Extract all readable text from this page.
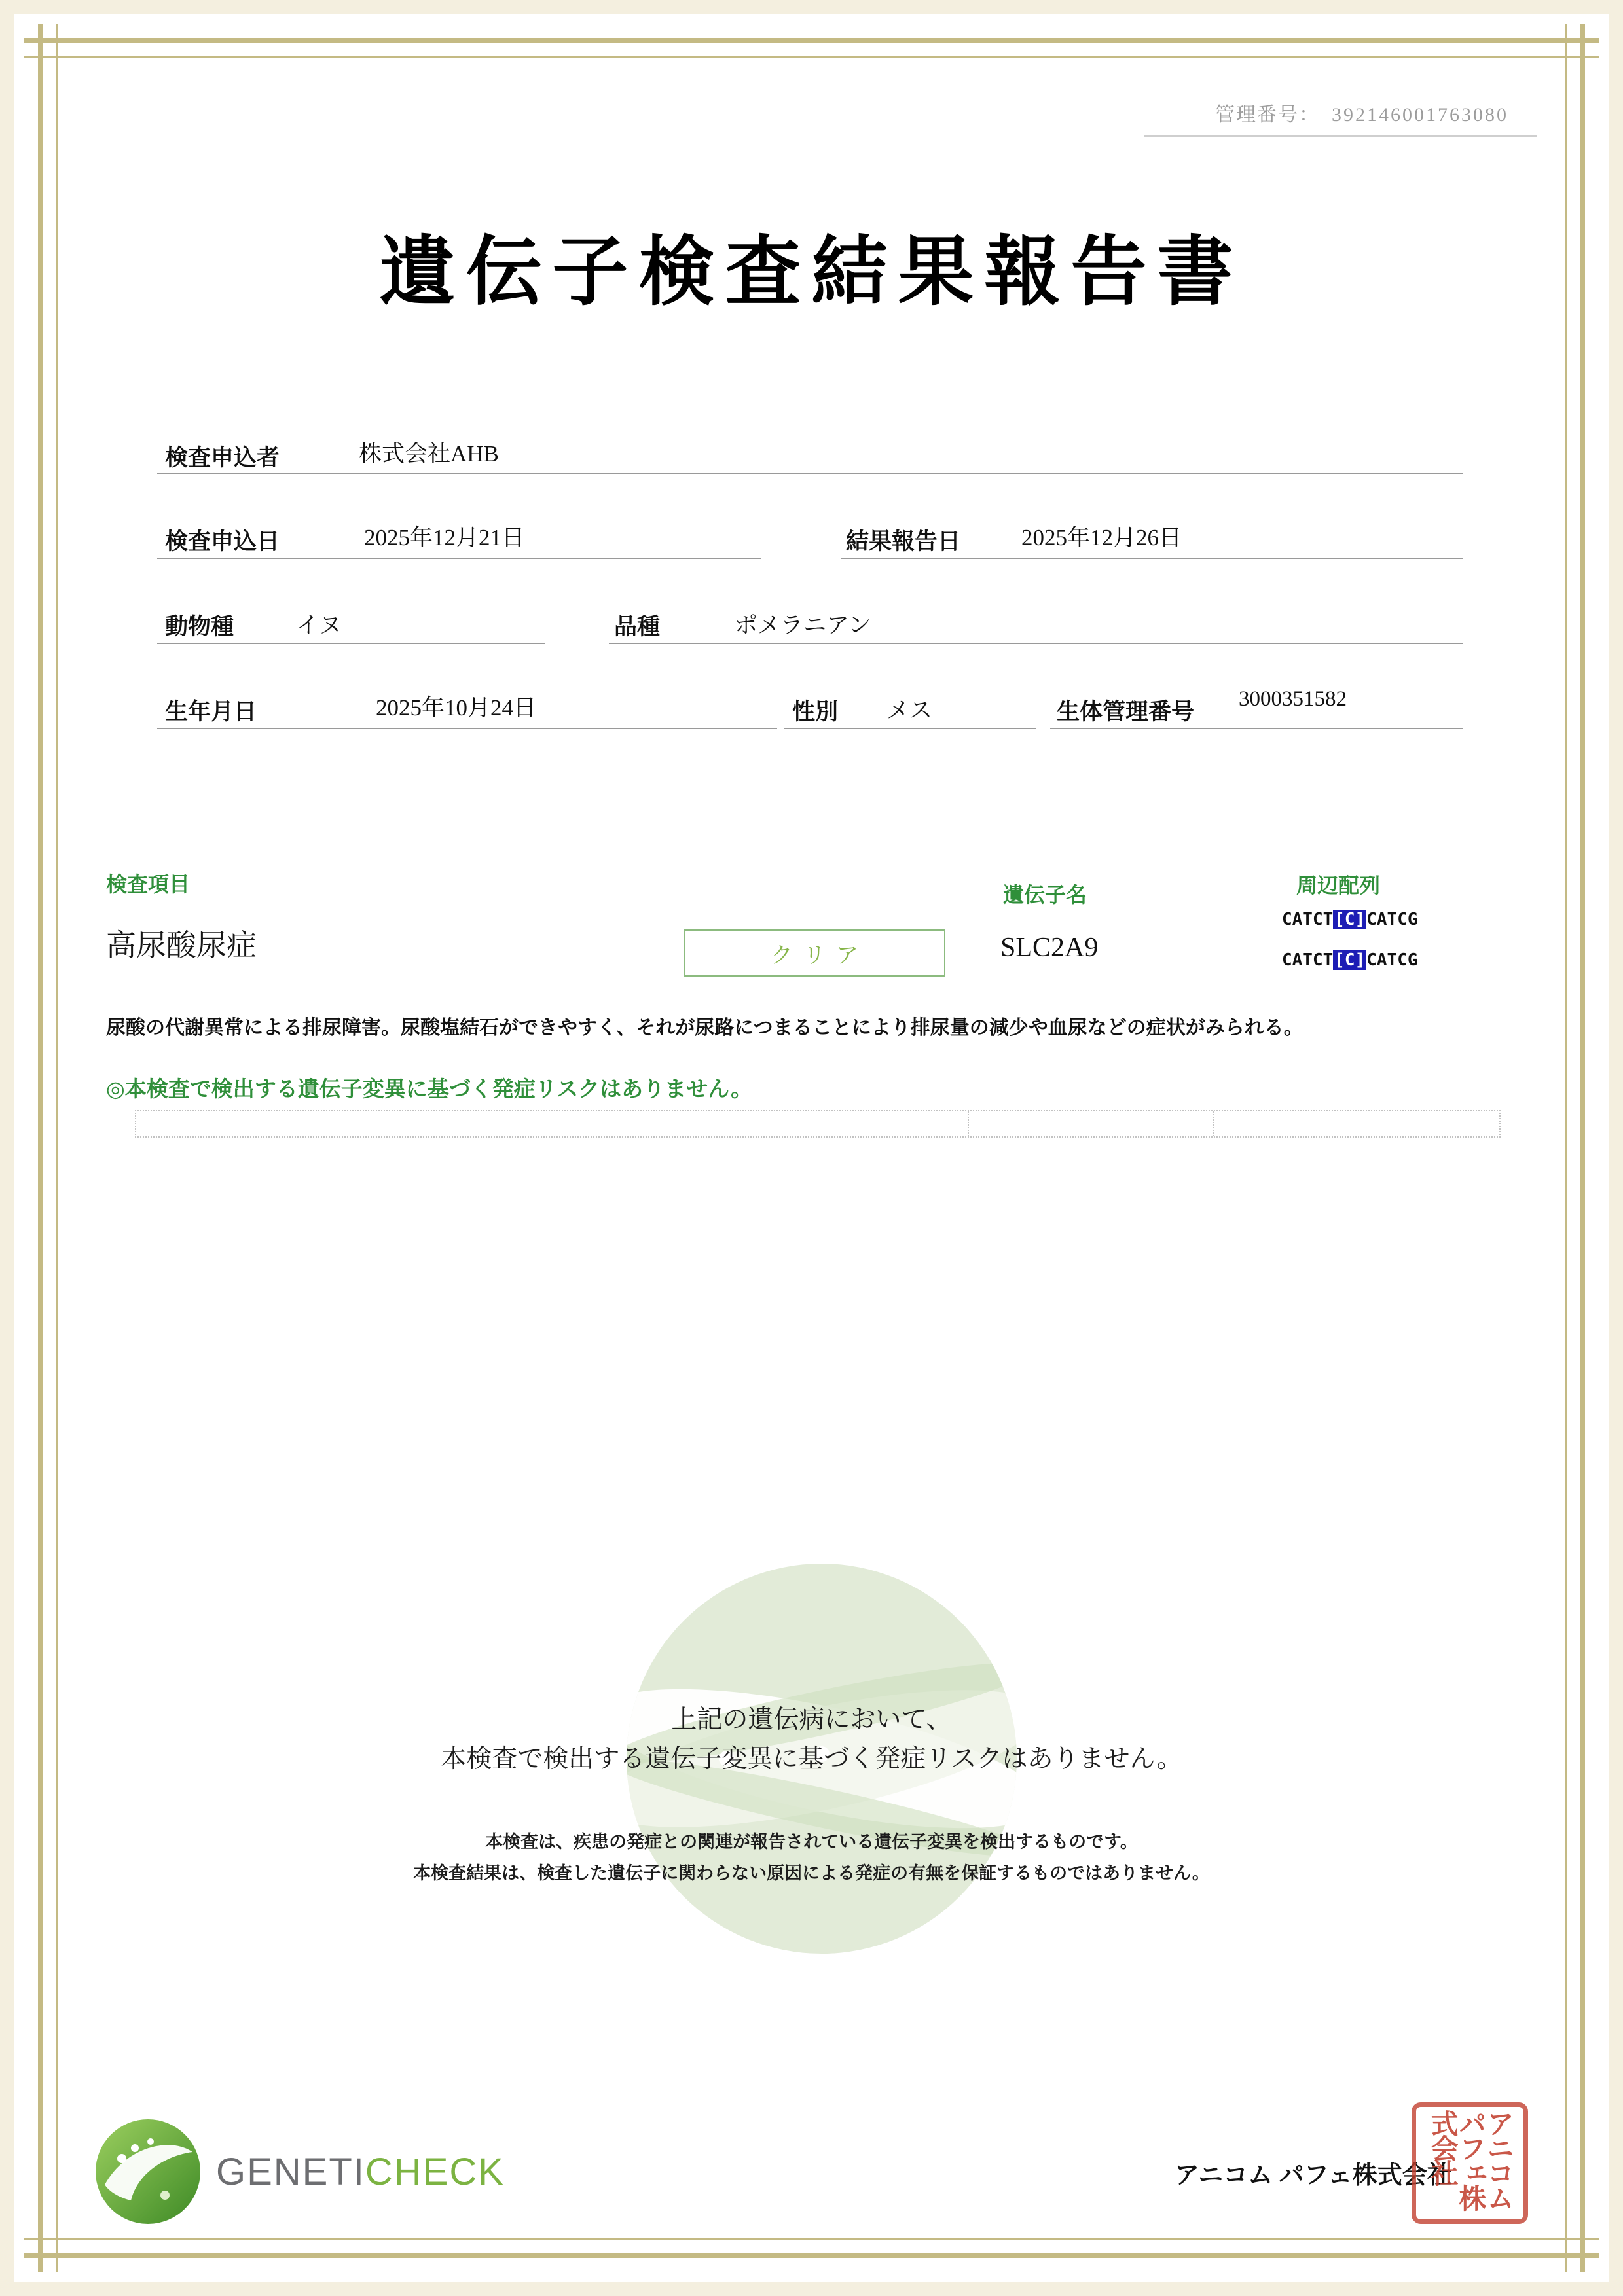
管理番号： 392146001763080
遺伝子検査結果報告書
検査申込者	株式会社AHB
検査申込日	2025年12月21日	結果報告日	2025年12月26日
動物種	イヌ	品種	ポメラニアン
生年月日	2025年10月24日	性別 メス	生体管理番号 3000351582
検査項目	遺伝子名	周辺配列
高尿酸尿症	クリア	SLC2A9
CATCT[C]CATCG
CATCT[C]CATCG
尿酸の代謝異常による排尿障害。尿酸塩結石ができやすく、それが尿路につまることにより排尿量の減少や血尿などの症状がみられる。
◎本検査で検出する遺伝子変異に基づく発症リスクはありません。
上記の遺伝病において、
本検査で検出する遺伝子変異に基づく発症リスクはありません。
本検査は、疾患の発症との関連が報告されている遺伝子変異を検出するものです。
本検査結果は、検査した遺伝子に関わらない原因による発症の有無を保証するものではありません。
GENETICHECK	アニコム パフェ株式会社	アニコムパフェ株式会社
